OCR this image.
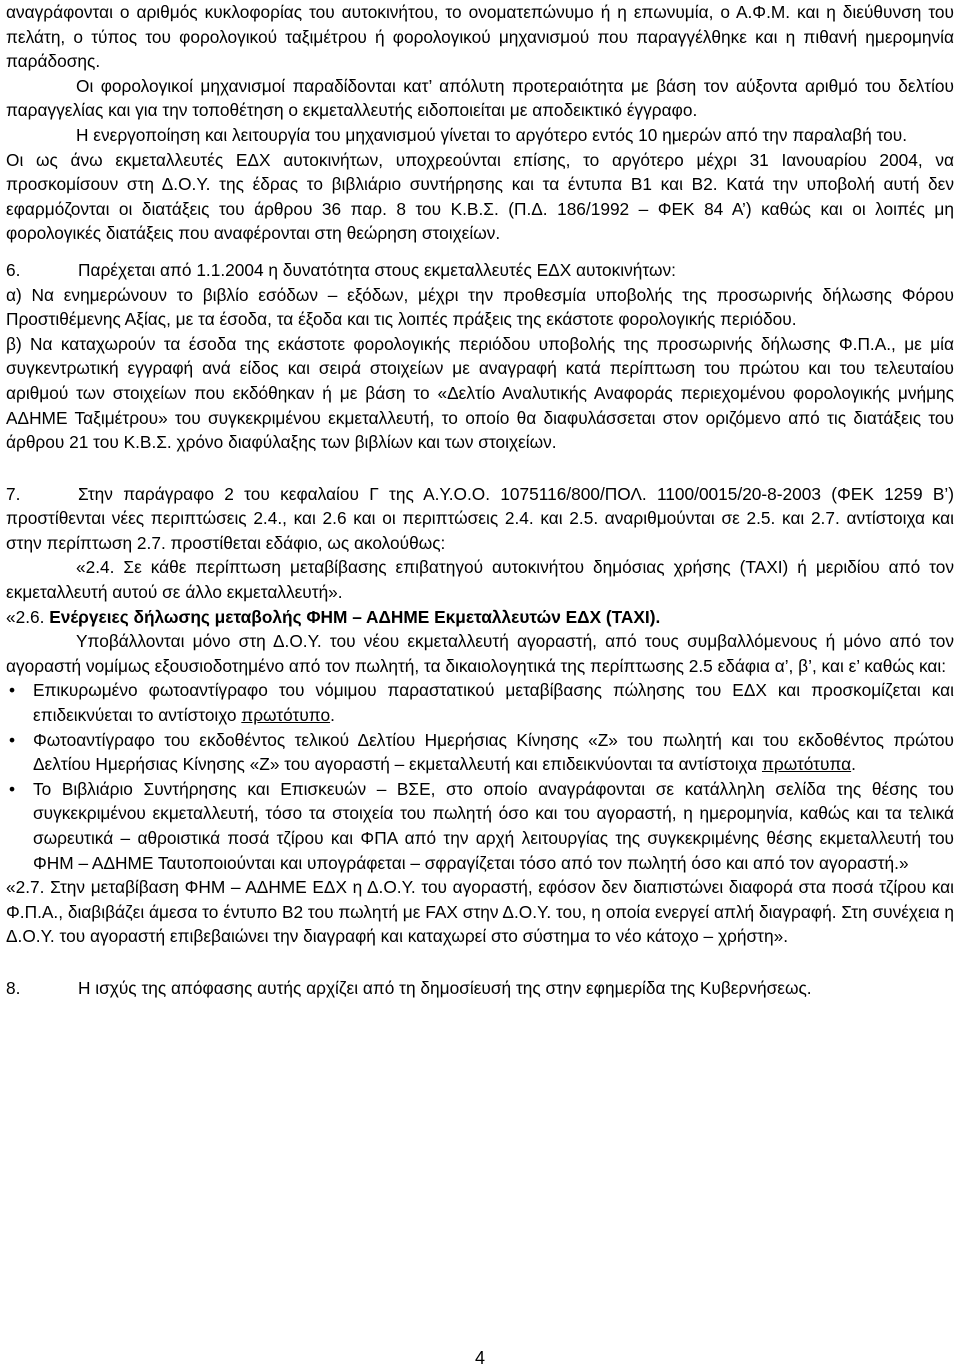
αναγράφονται ο αριθμός κυκλοφορίας του αυτοκινήτου, το ονοματεπώνυμο ή η επωνυμία, ο Α.Φ.Μ. και η διεύθυνση του πελάτη, ο τύπος του φορολογικού ταξιμέτρου ή φορολογικού μηχανισμού που παραγγέλθηκε και η πιθανή ημερομηνία παράδοσης.

Οι φορολογικοί μηχανισμοί παραδίδονται κατ’ απόλυτη προτεραιότητα με βάση τον αύξοντα αριθμό του δελτίου παραγγελίας και για την τοποθέτηση ο εκμεταλλευτής ειδοποιείται με αποδεικτικό έγγραφο.

Η ενεργοποίηση και λειτουργία του μηχανισμού γίνεται το αργότερο εντός 10 ημερών από την παραλαβή του.

Οι ως άνω εκμεταλλευτές ΕΔΧ αυτοκινήτων, υποχρεούνται επίσης, το αργότερο μέχρι 31 Ιανουαρίου 2004, να προσκομίσουν στη Δ.Ο.Υ. της έδρας το βιβλιάριο συντήρησης και τα έντυπα Β1 και Β2. Κατά την υποβολή αυτή δεν εφαρμόζονται οι διατάξεις του άρθρου 36 παρ. 8 του Κ.Β.Σ. (Π.Δ. 186/1992 – ΦΕΚ 84 Α’) καθώς και οι λοιπές μη φορολογικές διατάξεις που αναφέρονται στη θεώρηση στοιχείων.

6.	Παρέχεται από 1.1.2004 η δυνατότητα στους εκμεταλλευτές ΕΔΧ αυτοκινήτων:

α) Να ενημερώνουν το βιβλίο εσόδων – εξόδων, μέχρι την προθεσμία υποβολής της προσωρινής δήλωσης Φόρου Προστιθέμενης Αξίας, με τα έσοδα, τα έξοδα και τις λοιπές πράξεις της εκάστοτε φορολογικής περιόδου.

β) Να καταχωρούν τα έσοδα της εκάστοτε φορολογικής περιόδου υποβολής της προσωρινής δήλωσης Φ.Π.Α., με μία συγκεντρωτική εγγραφή ανά είδος και σειρά στοιχείων με αναγραφή κατά περίπτωση του πρώτου και του τελευταίου αριθμού των στοιχείων που εκδόθηκαν ή με βάση το «Δελτίο Αναλυτικής Αναφοράς περιεχομένου φορολογικής μνήμης ΑΔΗΜΕ Ταξιμέτρου» του συγκεκριμένου εκμεταλλευτή, το οποίο θα διαφυλάσσεται στον οριζόμενο από τις διατάξεις του άρθρου 21 του Κ.Β.Σ. χρόνο διαφύλαξης των βιβλίων και των στοιχείων.

7.	Στην παράγραφο 2 του κεφαλαίου Γ της Α.Υ.Ο.Ο. 1075116/800/ΠΟΛ. 1100/0015/20-8-2003 (ΦΕΚ 1259 Β’) προστίθενται νέες περιπτώσεις 2.4., και 2.6 και οι περιπτώσεις 2.4. και 2.5. αναριθμούνται σε 2.5. και 2.7. αντίστοιχα και στην περίπτωση 2.7. προστίθεται εδάφιο, ως ακολούθως:

«2.4. Σε κάθε περίπτωση μεταβίβασης επιβατηγού αυτοκινήτου δημόσιας χρήσης (ΤΑΧΙ) ή μεριδίου από τον εκμεταλλευτή αυτού σε άλλο εκμεταλλευτή».

«2.6. Ενέργειες δήλωσης μεταβολής ΦΗΜ – ΑΔΗΜΕ Εκμεταλλευτών ΕΔΧ (ΤΑΧΙ).

Υποβάλλονται μόνο στη Δ.Ο.Υ. του νέου εκμεταλλευτή αγοραστή, από τους συμβαλλόμενους ή μόνο από τον αγοραστή νομίμως εξουσιοδοτημένο από τον πωλητή, τα δικαιολογητικά της περίπτωσης 2.5 εδάφια α’, β’, και ε’ καθώς και:

• Επικυρωμένο φωτοαντίγραφο του νόμιμου παραστατικού μεταβίβασης πώλησης του ΕΔΧ και προσκομίζεται και επιδεικνύεται το αντίστοιχο πρωτότυπο.
• Φωτοαντίγραφο του εκδοθέντος τελικού Δελτίου Ημερήσιας Κίνησης «Ζ» του πωλητή και του εκδοθέντος πρώτου Δελτίου Ημερήσιας Κίνησης «Ζ» του αγοραστή – εκμεταλλευτή και επιδεικνύονται τα αντίστοιχα πρωτότυπα.
• Το Βιβλιάριο Συντήρησης και Επισκευών – ΒΣΕ, στο οποίο αναγράφονται σε κατάλληλη σελίδα της θέσης του συγκεκριμένου εκμεταλλευτή, τόσο τα στοιχεία του πωλητή όσο και του αγοραστή, η ημερομηνία, καθώς και τα τελικά σωρευτικά – αθροιστικά ποσά τζίρου και ΦΠΑ από την αρχή λειτουργίας της συγκεκριμένης θέσης εκμεταλλευτή του ΦΗΜ – ΑΔΗΜΕ Ταυτοποιούνται και υπογράφεται – σφραγίζεται τόσο από τον πωλητή όσο και από τον αγοραστή.»

«2.7. Στην μεταβίβαση ΦΗΜ – ΑΔΗΜΕ ΕΔΧ η Δ.Ο.Υ. του αγοραστή, εφόσον δεν διαπιστώνει διαφορά στα ποσά τζίρου και Φ.Π.Α., διαβιβάζει άμεσα το έντυπο Β2 του πωλητή με FAX στην Δ.Ο.Υ. του, η οποία ενεργεί απλή διαγραφή. Στη συνέχεια η Δ.Ο.Υ. του αγοραστή επιβεβαιώνει την διαγραφή και καταχωρεί στο σύστημα το νέο κάτοχο – χρήστη».

8.	Η ισχύς της απόφασης αυτής αρχίζει από τη δημοσίευσή της στην εφημερίδα της Κυβερνήσεως.

4
